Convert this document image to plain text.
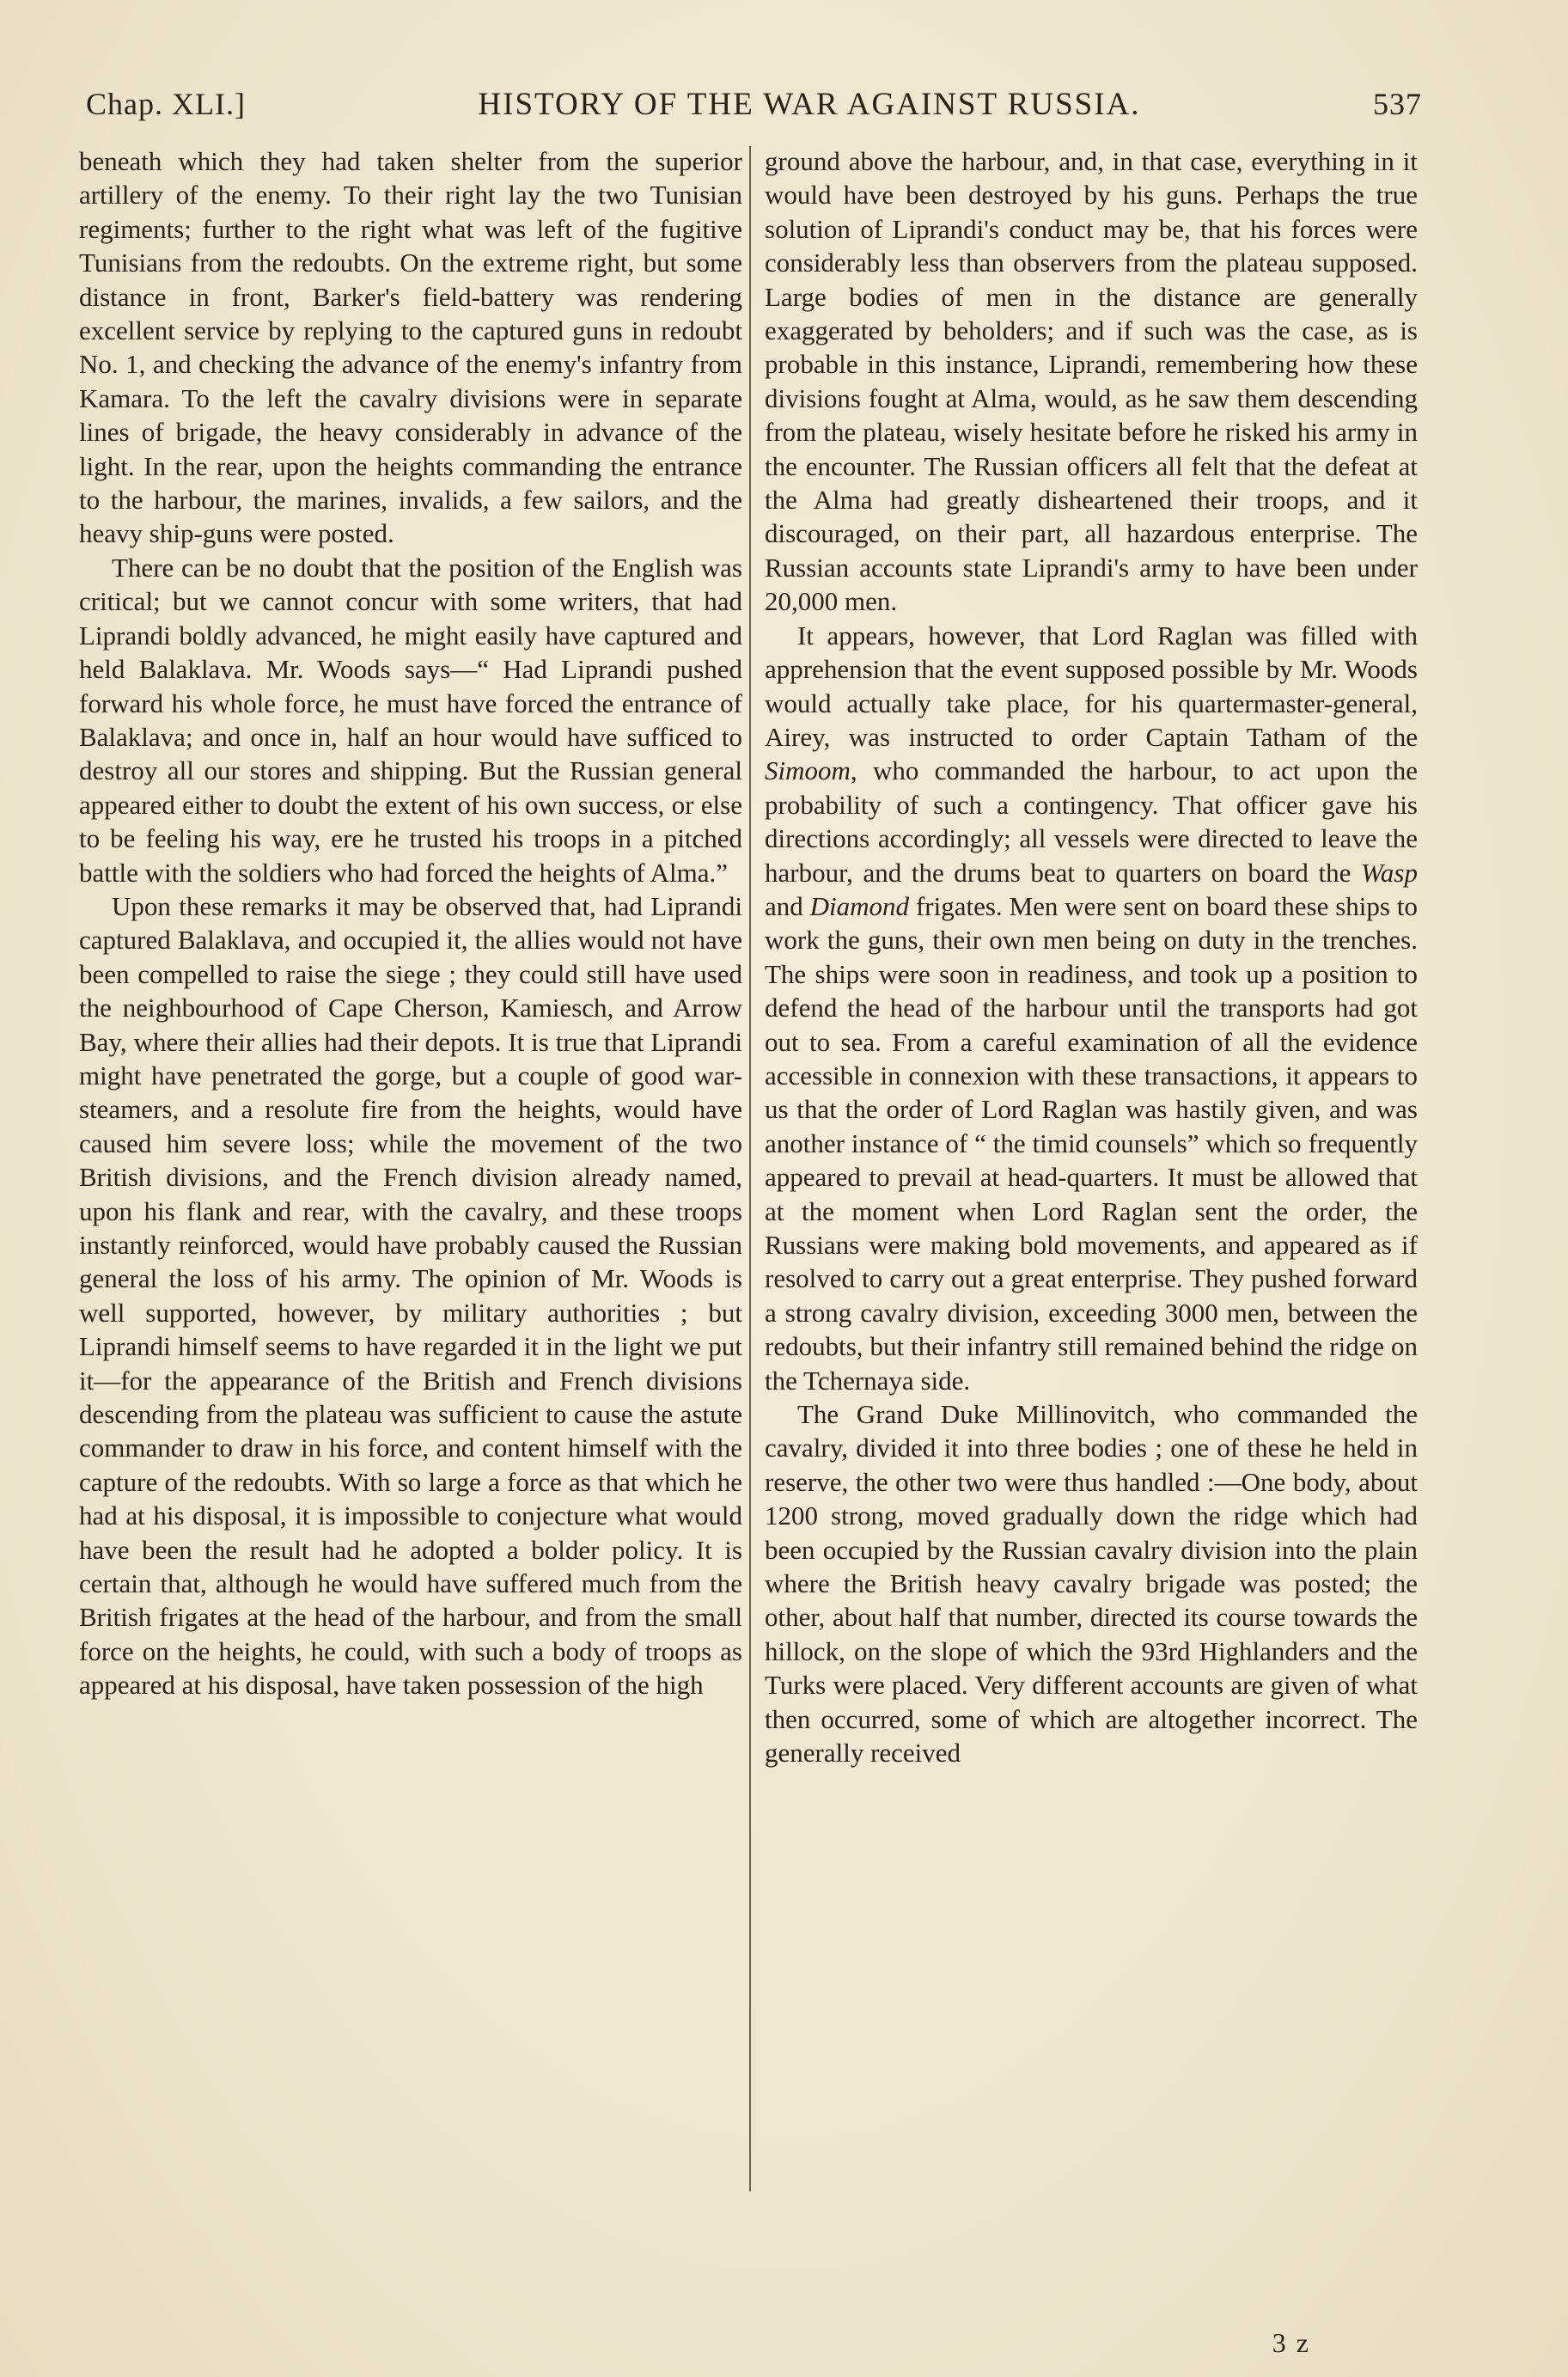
Chap. XLI.]	HISTORY OF THE WAR AGAINST RUSSIA.	537

beneath which they had taken shelter from the superior artillery of the enemy. To their right lay the two Tunisian regiments; further to the right what was left of the fugitive Tunisians from the redoubts. On the extreme right, but some distance in front, Barker's field-battery was rendering excellent service by replying to the captured guns in redoubt No. 1, and checking the advance of the enemy's infantry from Kamara. To the left the cavalry divisions were in separate lines of brigade, the heavy considerably in advance of the light. In the rear, upon the heights commanding the entrance to the harbour, the marines, invalids, a few sailors, and the heavy ship-guns were posted.

There can be no doubt that the position of the English was critical; but we cannot concur with some writers, that had Liprandi boldly advanced, he might easily have captured and held Balaklava. Mr. Woods says—“ Had Liprandi pushed forward his whole force, he must have forced the entrance of Balaklava; and once in, half an hour would have sufficed to destroy all our stores and shipping. But the Russian general appeared either to doubt the extent of his own success, or else to be feeling his way, ere he trusted his troops in a pitched battle with the soldiers who had forced the heights of Alma.”

Upon these remarks it may be observed that, had Liprandi captured Balaklava, and occupied it, the allies would not have been compelled to raise the siege ; they could still have used the neighbourhood of Cape Cherson, Kamiesch, and Arrow Bay, where their allies had their depots. It is true that Liprandi might have penetrated the gorge, but a couple of good war-steamers, and a resolute fire from the heights, would have caused him severe loss; while the movement of the two British divisions, and the French division already named, upon his flank and rear, with the cavalry, and these troops instantly reinforced, would have probably caused the Russian general the loss of his army. The opinion of Mr. Woods is well supported, however, by military authorities ; but Liprandi himself seems to have regarded it in the light we put it—for the appearance of the British and French divisions descending from the plateau was sufficient to cause the astute commander to draw in his force, and content himself with the capture of the redoubts. With so large a force as that which he had at his disposal, it is impossible to conjecture what would have been the result had he adopted a bolder policy. It is certain that, although he would have suffered much from the British frigates at the head of the harbour, and from the small force on the heights, he could, with such a body of troops as appeared at his disposal, have taken possession of the high

ground above the harbour, and, in that case, everything in it would have been destroyed by his guns. Perhaps the true solution of Liprandi's conduct may be, that his forces were considerably less than observers from the plateau supposed. Large bodies of men in the distance are generally exaggerated by beholders; and if such was the case, as is probable in this instance, Liprandi, remembering how these divisions fought at Alma, would, as he saw them descending from the plateau, wisely hesitate before he risked his army in the encounter. The Russian officers all felt that the defeat at the Alma had greatly disheartened their troops, and it discouraged, on their part, all hazardous enterprise. The Russian accounts state Liprandi's army to have been under 20,000 men.

It appears, however, that Lord Raglan was filled with apprehension that the event supposed possible by Mr. Woods would actually take place, for his quartermaster-general, Airey, was instructed to order Captain Tatham of the Simoom, who commanded the harbour, to act upon the probability of such a contingency. That officer gave his directions accordingly; all vessels were directed to leave the harbour, and the drums beat to quarters on board the Wasp and Diamond frigates. Men were sent on board these ships to work the guns, their own men being on duty in the trenches. The ships were soon in readiness, and took up a position to defend the head of the harbour until the transports had got out to sea. From a careful examination of all the evidence accessible in connexion with these transactions, it appears to us that the order of Lord Raglan was hastily given, and was another instance of “ the timid counsels” which so frequently appeared to prevail at head-quarters. It must be allowed that at the moment when Lord Raglan sent the order, the Russians were making bold movements, and appeared as if resolved to carry out a great enterprise. They pushed forward a strong cavalry division, exceeding 3000 men, between the redoubts, but their infantry still remained behind the ridge on the Tchernaya side.

The Grand Duke Millinovitch, who commanded the cavalry, divided it into three bodies ; one of these he held in reserve, the other two were thus handled :—One body, about 1200 strong, moved gradually down the ridge which had been occupied by the Russian cavalry division into the plain where the British heavy cavalry brigade was posted; the other, about half that number, directed its course towards the hillock, on the slope of which the 93rd Highlanders and the Turks were placed. Very different accounts are given of what then occurred, some of which are altogether incorrect. The generally received

3 z
